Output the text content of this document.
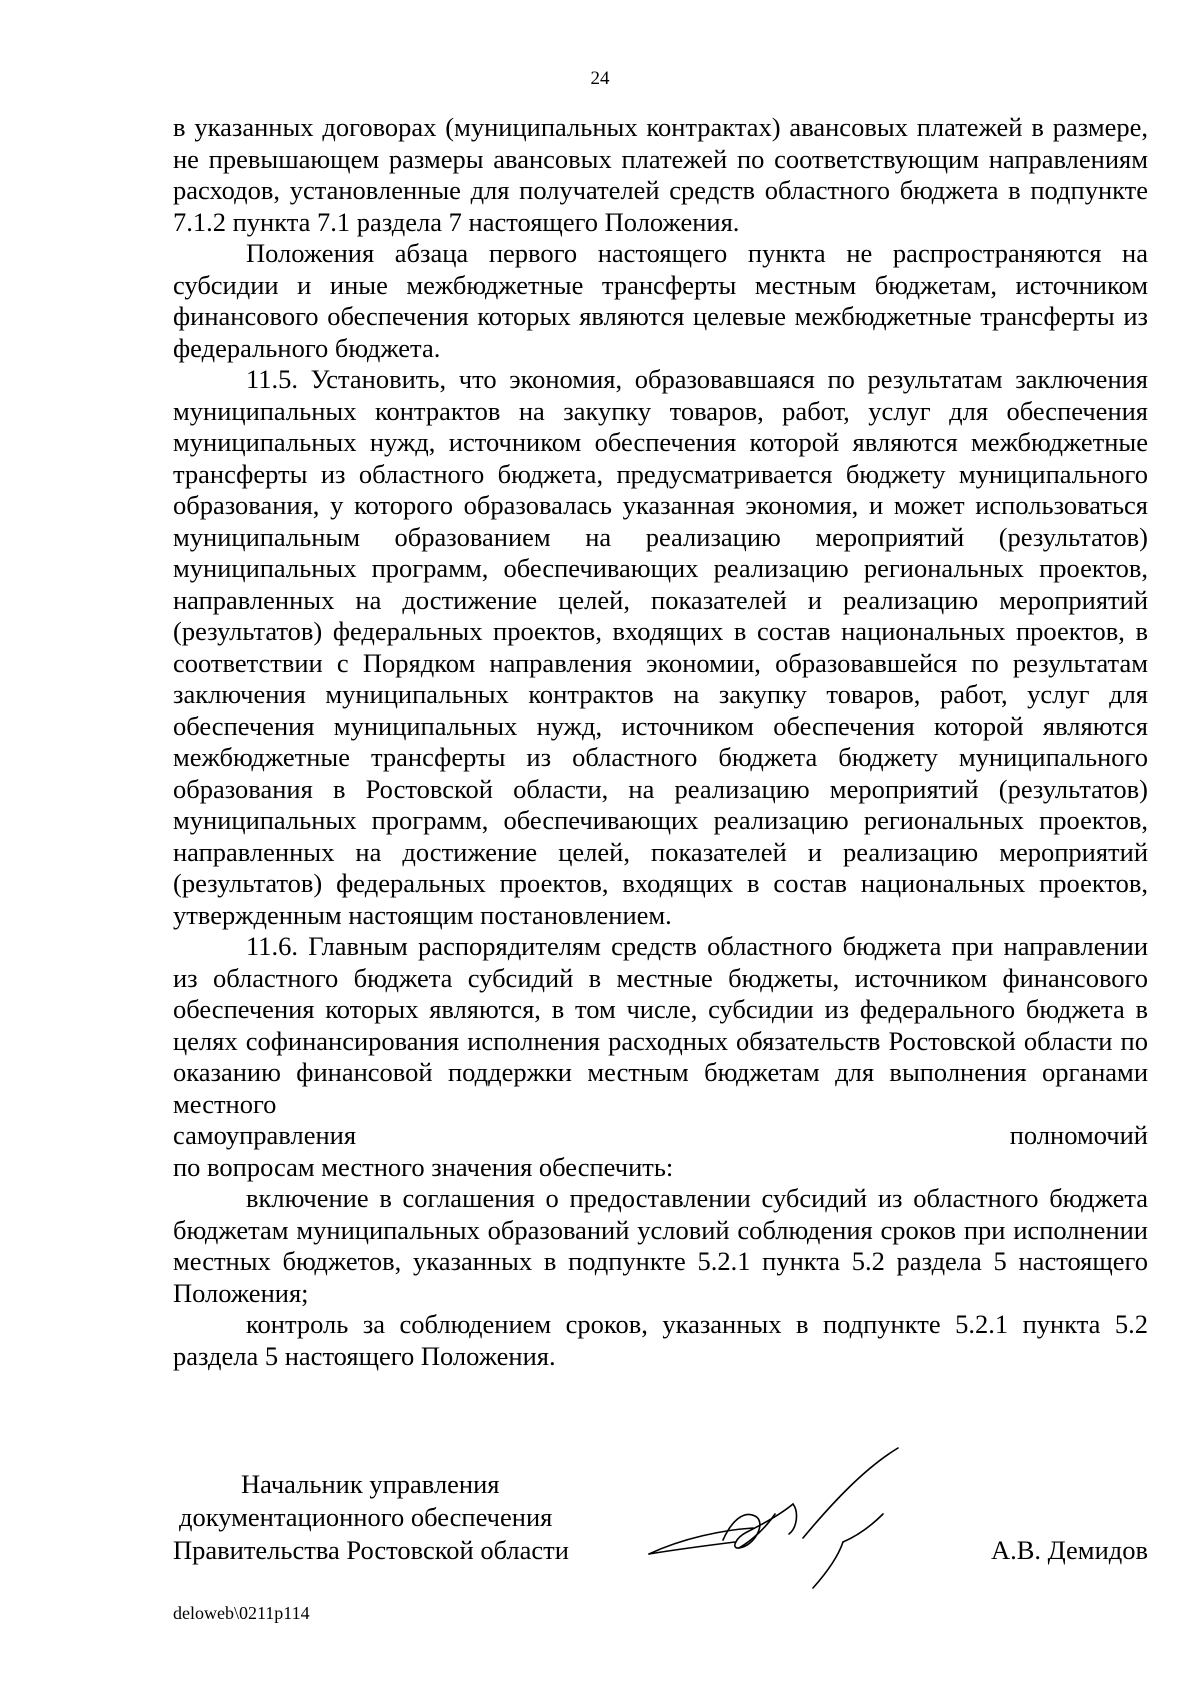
24

в указанных договорах (муниципальных контрактах) авансовых платежей в размере, не превышающем размеры авансовых платежей по соответствующим направлениям расходов, установленные для получателей средств областного бюджета в подпункте 7.1.2 пункта 7.1 раздела 7 настоящего Положения.

Положения абзаца первого настоящего пункта не распространяются на субсидии и иные межбюджетные трансферты местным бюджетам, источником финансового обеспечения которых являются целевые межбюджетные трансферты из федерального бюджета.

11.5. Установить, что экономия, образовавшаяся по результатам заключения муниципальных контрактов на закупку товаров, работ, услуг для обеспечения муниципальных нужд, источником обеспечения которой являются межбюджетные трансферты из областного бюджета, предусматривается бюджету муниципального образования, у которого образовалась указанная экономия, и может использоваться муниципальным образованием на реализацию мероприятий (результатов) муниципальных программ, обеспечивающих реализацию региональных проектов, направленных на достижение целей, показателей и реализацию мероприятий (результатов) федеральных проектов, входящих в состав национальных проектов, в соответствии с Порядком направления экономии, образовавшейся по результатам заключения муниципальных контрактов на закупку товаров, работ, услуг для обеспечения муниципальных нужд, источником обеспечения которой являются межбюджетные трансферты из областного бюджета бюджету муниципального образования в Ростовской области, на реализацию мероприятий (результатов) муниципальных программ, обеспечивающих реализацию региональных проектов, направленных на достижение целей, показателей и реализацию мероприятий (результатов) федеральных проектов, входящих в состав национальных проектов, утвержденным настоящим постановлением.

11.6. Главным распорядителям средств областного бюджета при направлении из областного бюджета субсидий в местные бюджеты, источником финансового обеспечения которых являются, в том числе, субсидии из федерального бюджета в целях софинансирования исполнения расходных обязательств Ростовской области по оказанию финансовой поддержки местным бюджетам для выполнения органами местного

самоуправления	полномочий

по вопросам местного значения обеспечить:

включение в соглашения о предоставлении субсидий из областного бюджета бюджетам муниципальных образований условий соблюдения сроков при исполнении местных бюджетов, указанных в подпункте 5.2.1 пункта 5.2 раздела 5 настоящего Положения;

контроль за соблюдением сроков, указанных в подпункте 5.2.1 пункта 5.2 раздела 5 настоящего Положения.

Начальник управления
документационного обеспечения
Правительства Ростовской области	А.В. Демидов
deloweb\0211p114
